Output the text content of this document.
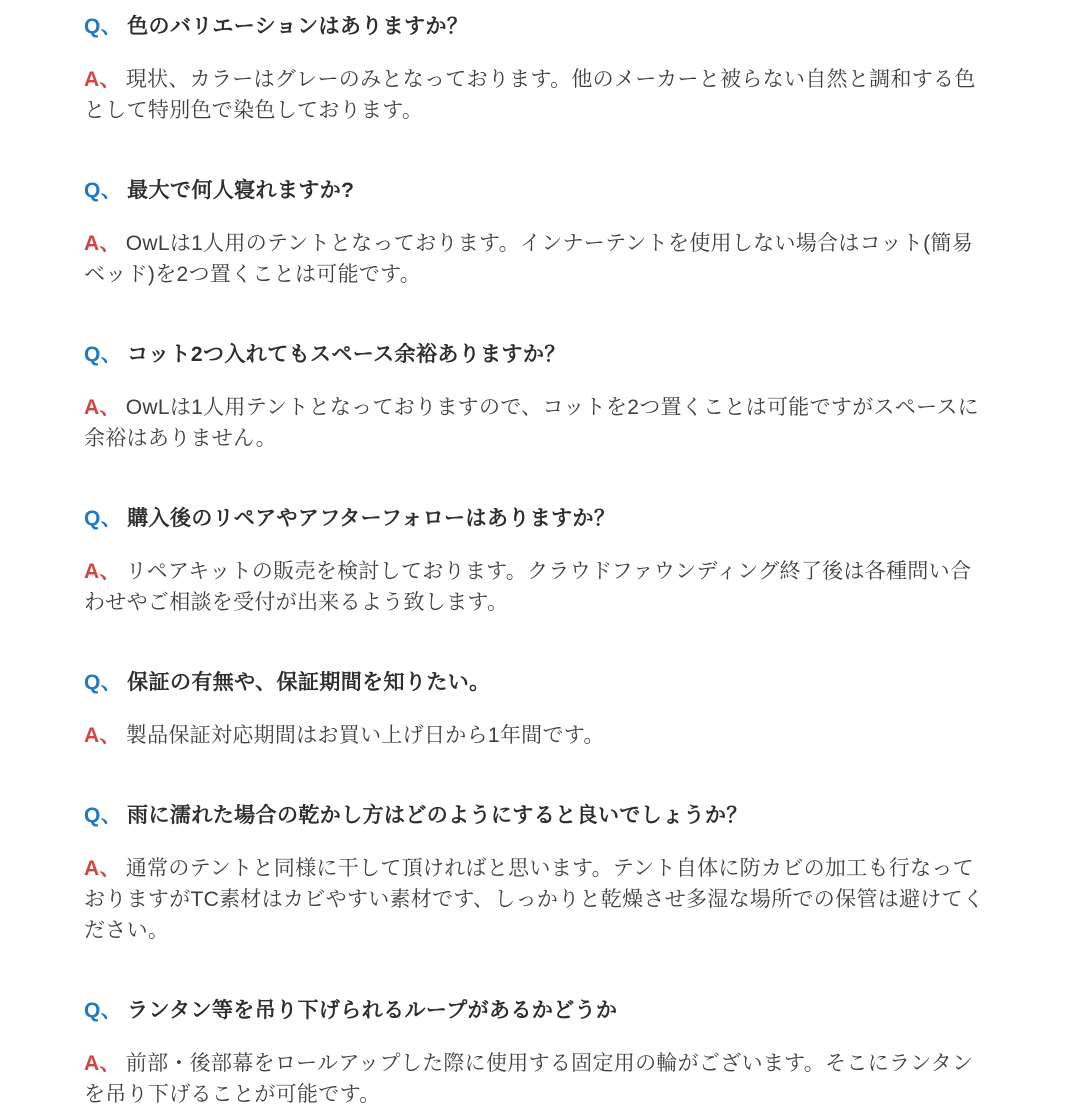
Q、 色のバリエーションはありますか？

A、 現状、カラーはグレーのみとなっております。他のメーカーと被らない自然と調和する色として特別色で染色しております。

Q、 最大で何人寝れますか?

A、 OwLは1人用のテントとなっております。インナーテントを使用しない場合はコット(簡易ベッド)を2つ置くことは可能です。

Q、 コット2つ入れてもスペース余裕ありますか？

A、 OwLは1人用テントとなっておりますので、コットを2つ置くことは可能ですがスペースに余裕はありません。

Q、 購入後のリペアやアフターフォローはありますか？

A、 リペアキットの販売を検討しております。クラウドファウンディング終了後は各種問い合わせやご相談を受付が出来るよう致します。

Q、 保証の有無や、保証期間を知りたい。

A、 製品保証対応期間はお買い上げ日から1年間です。

Q、 雨に濡れた場合の乾かし方はどのようにすると良いでしょうか？

A、 通常のテントと同様に干して頂ければと思います。テント自体に防カビの加工も行なっておりますがTC素材はカビやすい素材です、しっかりと乾燥させ多湿な場所での保管は避けてください。

Q、 ランタン等を吊り下げられるループがあるかどうか

A、 前部・後部幕をロールアップした際に使用する固定用の輪がございます。そこにランタンを吊り下げることが可能です。
